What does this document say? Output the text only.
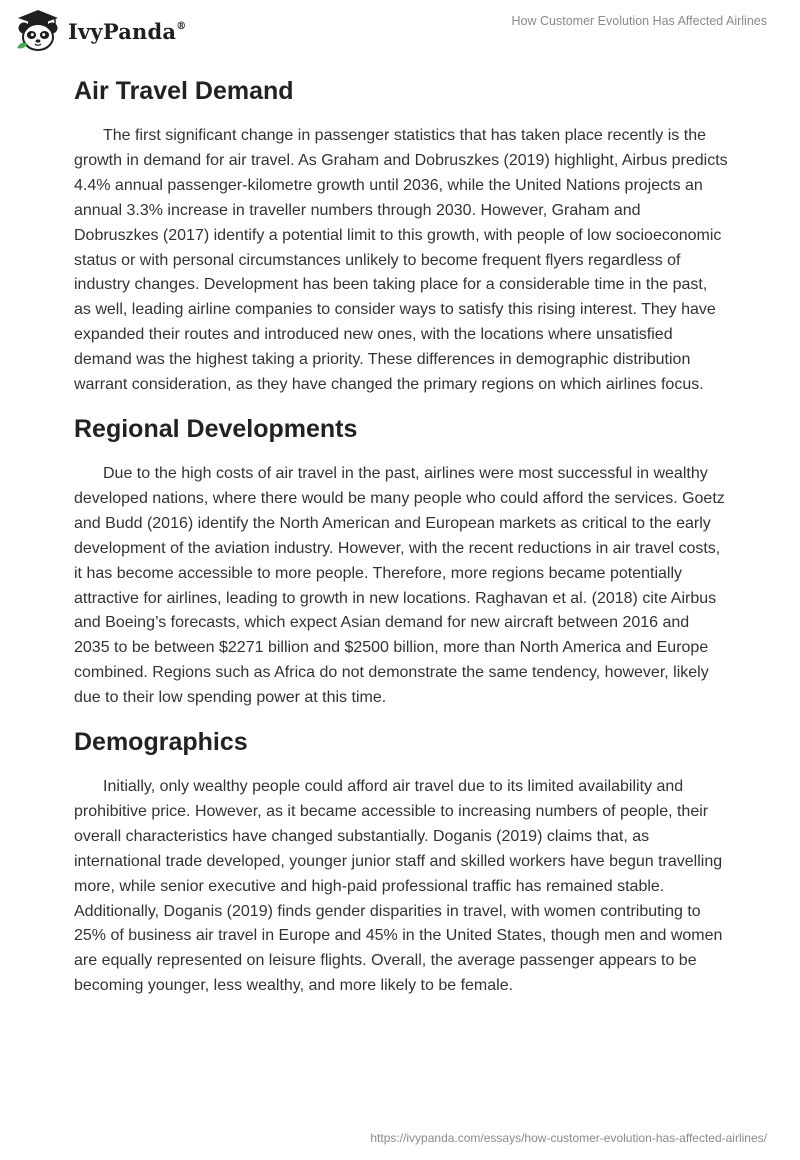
IvyPanda®	How Customer Evolution Has Affected Airlines
Air Travel Demand

The first significant change in passenger statistics that has taken place recently is the growth in demand for air travel. As Graham and Dobruszkes (2019) highlight, Airbus predicts 4.4% annual passenger-kilometre growth until 2036, while the United Nations projects an annual 3.3% increase in traveller numbers through 2030. However, Graham and Dobruszkes (2017) identify a potential limit to this growth, with people of low socioeconomic status or with personal circumstances unlikely to become frequent flyers regardless of industry changes. Development has been taking place for a considerable time in the past, as well, leading airline companies to consider ways to satisfy this rising interest. They have expanded their routes and introduced new ones, with the locations where unsatisfied demand was the highest taking a priority. These differences in demographic distribution warrant consideration, as they have changed the primary regions on which airlines focus.

Regional Developments

Due to the high costs of air travel in the past, airlines were most successful in wealthy developed nations, where there would be many people who could afford the services. Goetz and Budd (2016) identify the North American and European markets as critical to the early development of the aviation industry. However, with the recent reductions in air travel costs, it has become accessible to more people. Therefore, more regions became potentially attractive for airlines, leading to growth in new locations. Raghavan et al. (2018) cite Airbus and Boeing’s forecasts, which expect Asian demand for new aircraft between 2016 and 2035 to be between $2271 billion and $2500 billion, more than North America and Europe combined. Regions such as Africa do not demonstrate the same tendency, however, likely due to their low spending power at this time.

Demographics

Initially, only wealthy people could afford air travel due to its limited availability and prohibitive price. However, as it became accessible to increasing numbers of people, their overall characteristics have changed substantially. Doganis (2019) claims that, as international trade developed, younger junior staff and skilled workers have begun travelling more, while senior executive and high-paid professional traffic has remained stable. Additionally, Doganis (2019) finds gender disparities in travel, with women contributing to 25% of business air travel in Europe and 45% in the United States, though men and women are equally represented on leisure flights. Overall, the average passenger appears to be becoming younger, less wealthy, and more likely to be female.

https://ivypanda.com/essays/how-customer-evolution-has-affected-airlines/
